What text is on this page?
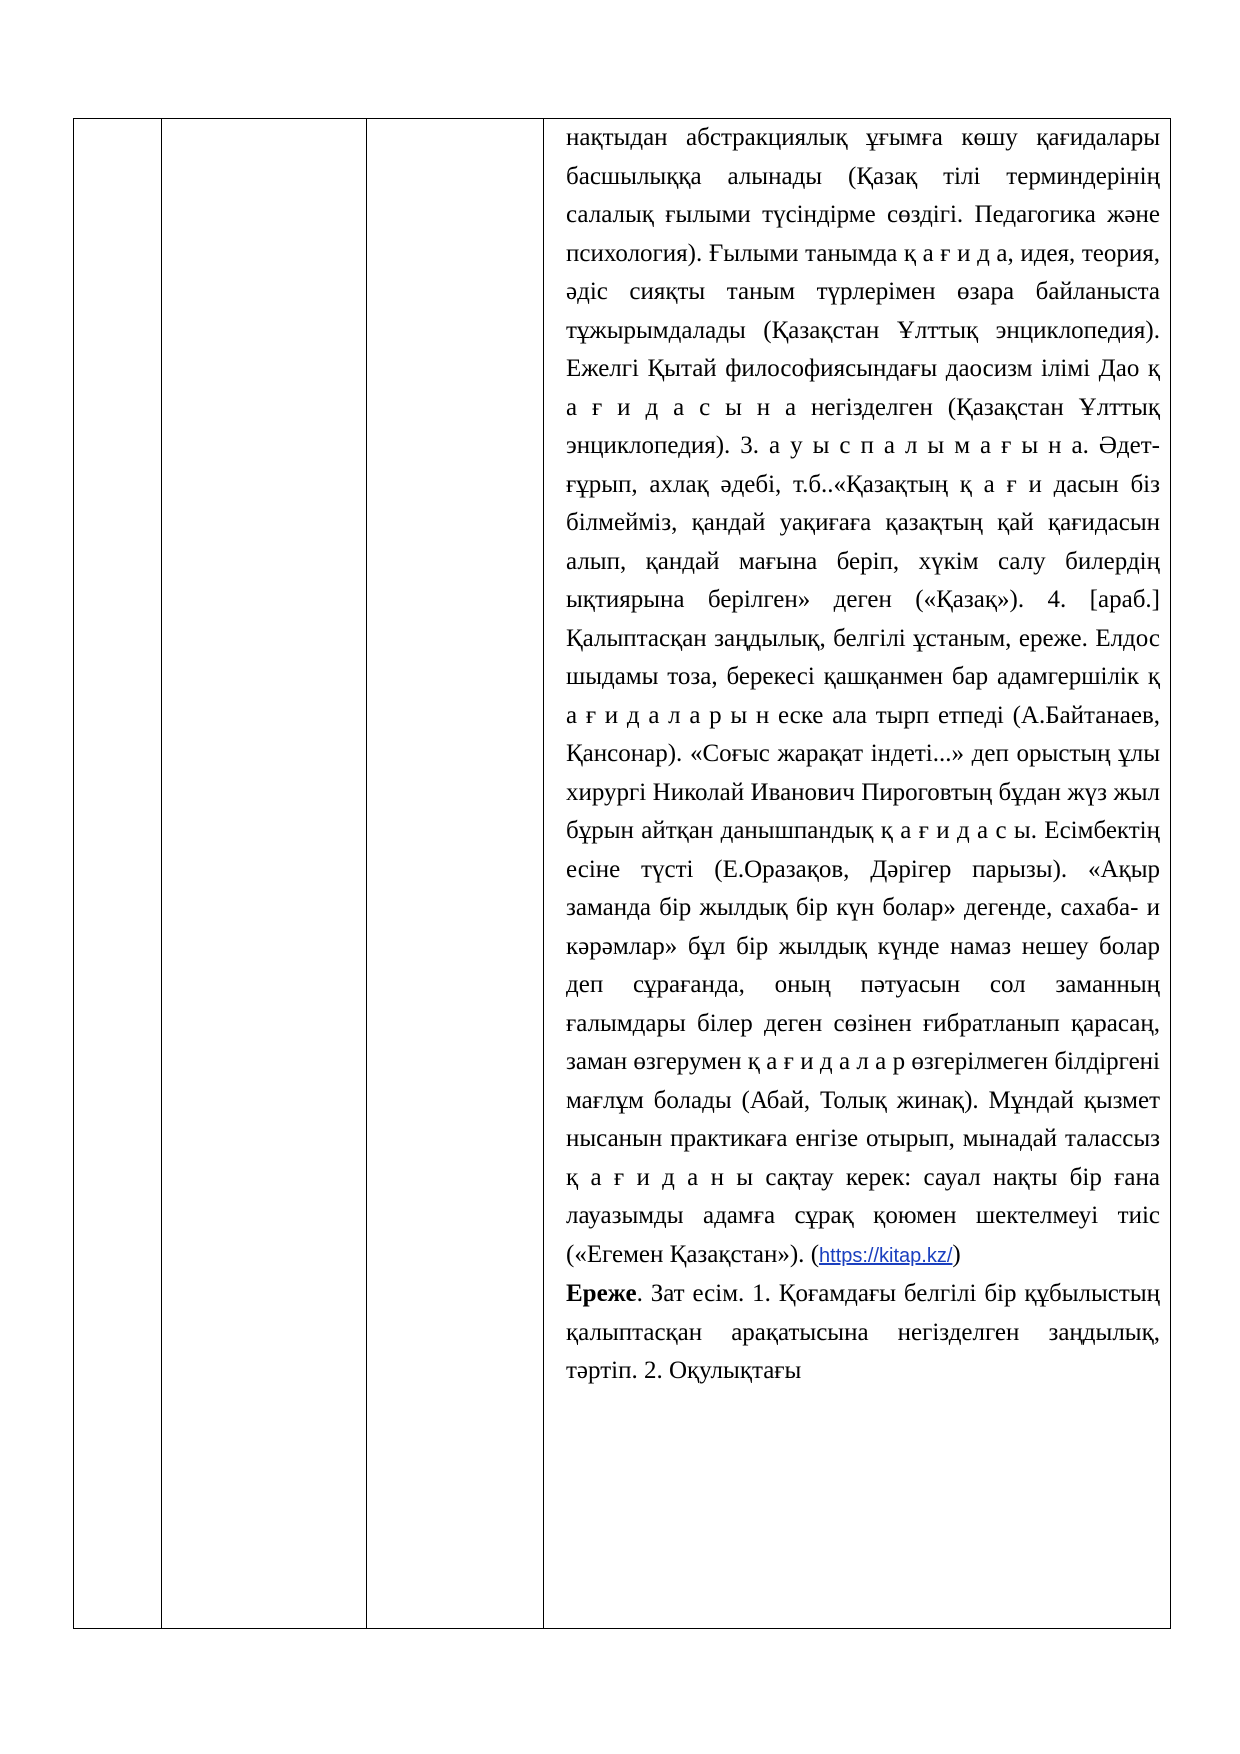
нақтыдан абстракциялық ұғымға көшу қағидалары басшылыққа алынады (Қазақ тілі терминдерінің салалық ғылыми түсіндірме сөздігі. Педагогика және психология). Ғылыми танымда қ а ғ и д а, идея, теория, әдіс сияқты таным түрлерімен өзара байланыста тұжырымдалады (Қазақстан Ұлттық энциклопедия). Ежелгі Қытай философиясындағы даосизм ілімі Дао қ а ғ и д а с ы н а негізделген (Қазақстан Ұлттық энциклопедия). 3. а у ы с п а л ы м а ғ ы н а. Әдет-ғұрып, ахлақ әдебі, т.б..«Қазақтың қ а ғ и дасын біз білмейміз, қандай уақиғаға қазақтың қай қағидасын алып, қандай мағына беріп, хүкім салу билердің ықтиярына берілген» деген («Қазақ»). 4. [араб.] Қалыптасқан заңдылық, белгілі ұстаным, ереже. Елдос шыдамы тоза, берекесі қашқанмен бар адамгершілік қ а ғ и д а л а р ы н еске ала тырп етпеді (А.Байтанаев, Қансонар). «Соғыс жарақат індеті...» деп орыстың ұлы хирургі Николай Иванович Пироговтың бұдан жүз жыл бұрын айтқан данышпандық қ а ғ и д а с ы. Есімбектің есіне түсті (Е.Оразақов, Дәрігер парызы). «Ақыр заманда бір жылдық бір күн болар» дегенде, сахаба- и кәрәмлар» бұл бір жылдық күнде намаз нешеу болар деп сұрағанда, оның пәтуасын сол заманның ғалымдары білер деген сөзінен ғибратланып қарасаң, заман өзгерумен қ а ғ и д а л а р өзгерілмеген білдіргені мағлұм болады (Абай, Толық жинақ). Мұндай қызмет нысанын практикаға енгізе отырып, мынадай талассыз қ а ғ и д а н ы сақтау керек: сауал нақты бір ғана лауазымды адамға сұрақ қоюмен шектелмеуі тиіс («Егемен Қазақстан»). (https://kitap.kz/)

Ереже. Зат есім. 1. Қоғамдағы белгілі бір құбылыстың қалыптасқан арақатысына негізделген заңдылық, тәртіп. 2. Оқулықтағы
